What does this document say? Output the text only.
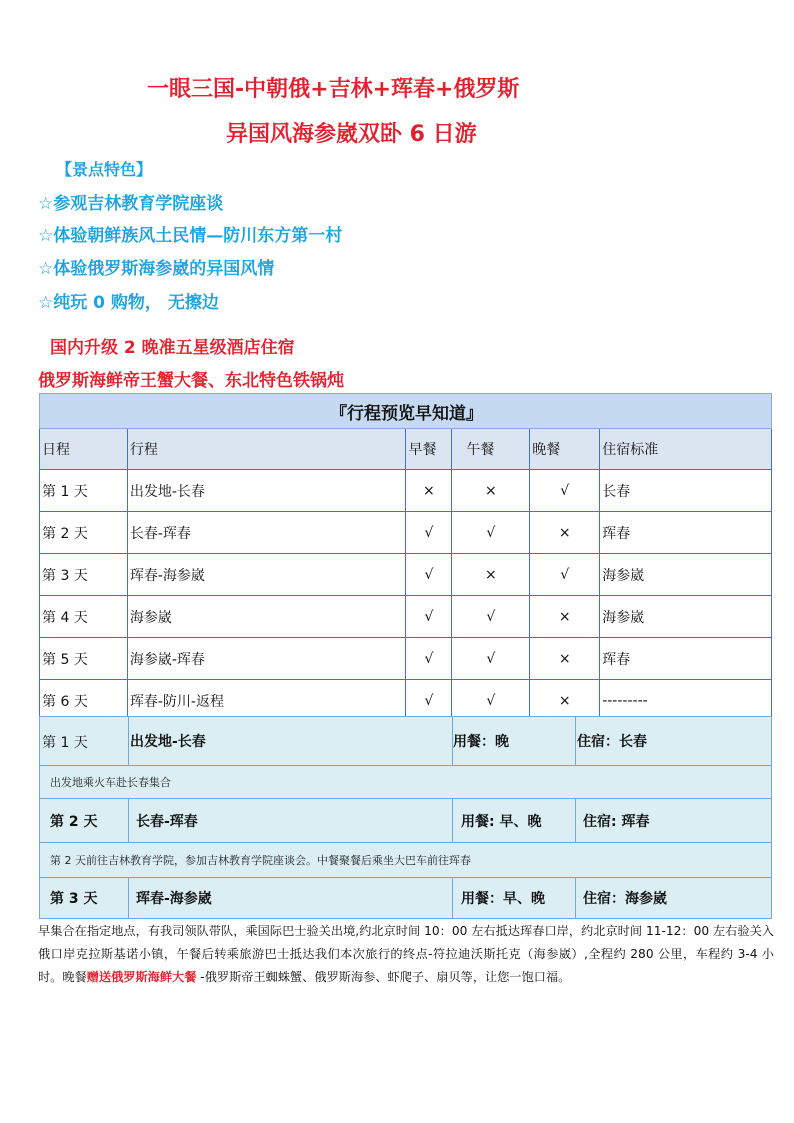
一眼三国-中朝俄+吉林+珲春+俄罗斯
异国风海参崴双卧 6 日游
【景点特色】
☆参观吉林教育学院座谈
☆体验朝鲜族风土民情—防川东方第一村
☆体验俄罗斯海参崴的异国风情
☆纯玩 0 购物， 无擦边
国内升级 2 晚准五星级酒店住宿
俄罗斯海鲜帝王蟹大餐、东北特色铁锅炖
『行程预览早知道』					
日程	行程	早餐	午餐	晚餐	住宿标准
第 1 天	出发地-长春	×	×	√	长春
第 2 天	长春-珲春	√	√	×	珲春
第 3 天	珲春-海参崴	√	×	√	海参崴
第 4 天	海参崴	√	√	×	海参崴
第 5 天	海参崴-珲春	√	√	×	珲春
第 6 天	珲春-防川-返程	√	√	×	---------
第 1 天	出发地-长春	用餐：晚	住宿：长春
出发地乘火车赴长春集合
第 2 天	长春-珲春	用餐: 早、晚	住宿: 珲春
第 2 天前往吉林教育学院，参加吉林教育学院座谈会。中餐聚餐后乘坐大巴车前往珲春
第 3 天	珲春-海参崴	用餐：早、晚	住宿：海参崴
早集合在指定地点，有我司领队带队，乘国际巴士验关出境,约北京时间 10：00 左右抵达珲春口岸，约北京时间 11-12：00 左右验关入俄口岸克拉斯基诺小镇，午餐后转乘旅游巴士抵达我们本次旅行的终点-符拉迪沃斯托克（海参崴）,全程约 280 公里，车程约 3-4 小时。晚餐赠送俄罗斯海鲜大餐 -俄罗斯帝王蜘蛛蟹、俄罗斯海参、虾爬子、扇贝等，让您一饱口福。
